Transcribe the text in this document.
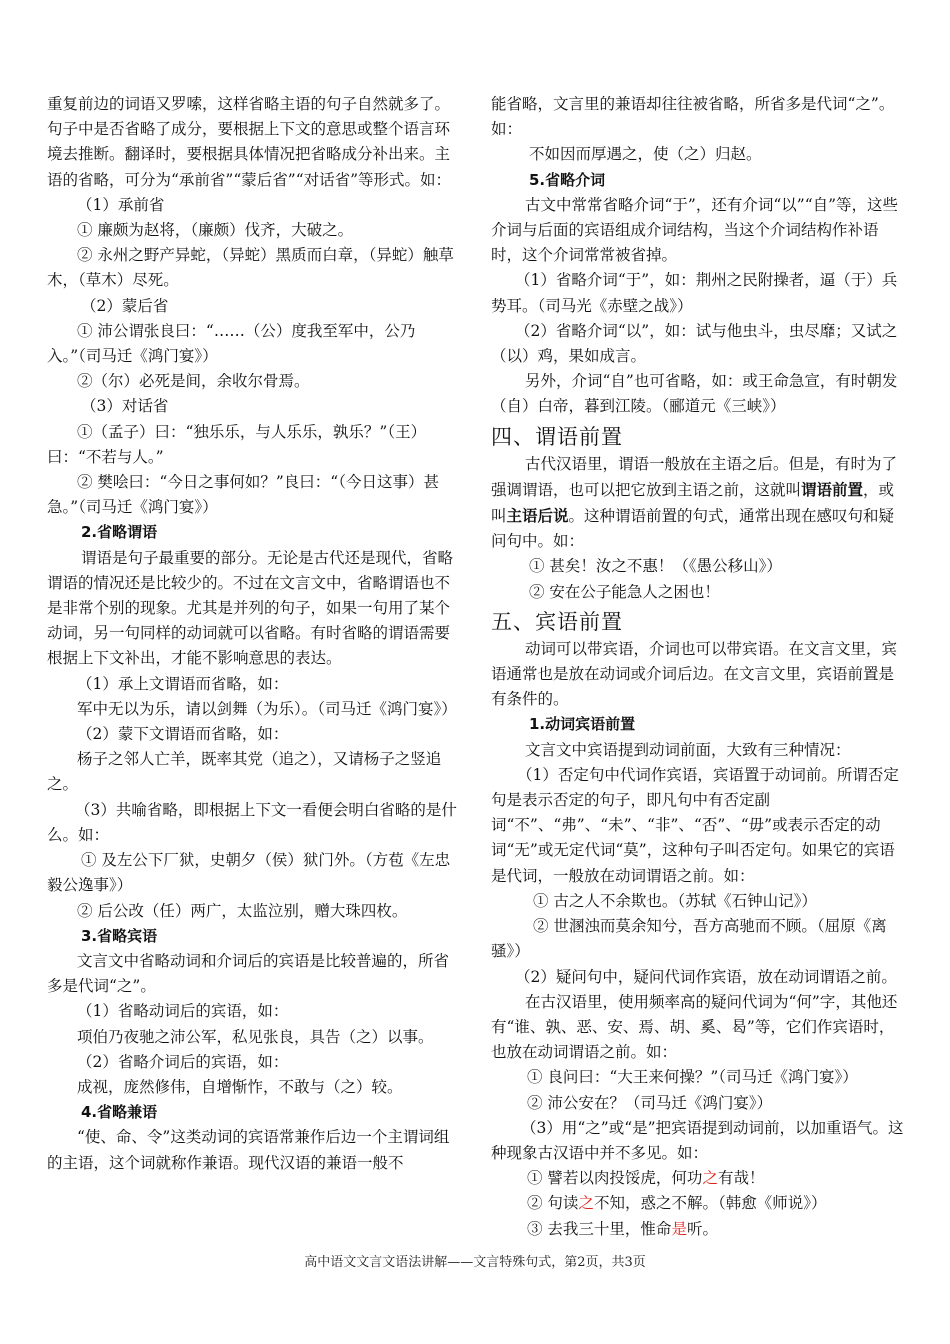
重复前边的词语又罗嗦，这样省略主语的句子自然就多了。句子中是否省略了成分，要根据上下文的意思或整个语言环境去推断。翻译时，要根据具体情况把省略成分补出来。主语的省略，可分为“承前省”“蒙后省”“对话省”等形式。如：

（1）承前省

① 廉颇为赵将，（廉颇）伐齐，大破之。

② 永州之野产异蛇，（异蛇）黑质而白章，（异蛇）触草木，（草木）尽死。

（2）蒙后省

① 沛公谓张良曰：“……（公）度我至军中，公乃入。”（司马迁《鸿门宴》）

②（尔）必死是间，余收尔骨焉。

（3）对话省

①（孟子）曰：“独乐乐，与人乐乐，孰乐？”（王）曰：“不若与人。”

② 樊哙曰：“今日之事何如？”良曰：“（今日这事）甚急。”（司马迁《鸿门宴》）

2.省略谓语

谓语是句子最重要的部分。无论是古代还是现代，省略谓语的情况还是比较少的。不过在文言文中，省略谓语也不是非常个别的现象。尤其是并列的句子，如果一句用了某个动词，另一句同样的动词就可以省略。有时省略的谓语需要根据上下文补出，才能不影响意思的表达。

（1）承上文谓语而省略，如：

军中无以为乐，请以剑舞（为乐）。（司马迁《鸿门宴》）

（2）蒙下文谓语而省略，如：

杨子之邻人亡羊，既率其党（追之），又请杨子之竖追之。

（3）共喻省略，即根据上下文一看便会明白省略的是什么。如：

① 及左公下厂狱，史朝夕（侯）狱门外。（方苞《左忠毅公逸事》）

② 后公改（任）两广，太监泣别，赠大珠四枚。

3.省略宾语

文言文中省略动词和介词后的宾语是比较普遍的，所省多是代词“之”。

（1）省略动词后的宾语，如：

项伯乃夜驰之沛公军，私见张良，具告（之）以事。

（2）省略介词后的宾语，如：

成视，庞然修伟，自增惭怍，不敢与（之）较。

4.省略兼语

“使、命、令”这类动词的宾语常兼作后边一个主谓词组的主语，这个词就称作兼语。现代汉语的兼语一般不

能省略，文言里的兼语却往往被省略，所省多是代词“之”。如：

不如因而厚遇之，使（之）归赵。

5.省略介词

古文中常常省略介词“于”，还有介词“以”“自”等，这些介词与后面的宾语组成介词结构，当这个介词结构作补语时，这个介词常常被省掉。

（1）省略介词“于”，如：荆州之民附操者，逼（于）兵势耳。（司马光《赤壁之战》）

（2）省略介词“以”，如：试与他虫斗，虫尽靡；又试之（以）鸡，果如成言。

另外，介词“自”也可省略，如：或王命急宣，有时朝发（自）白帝，暮到江陵。（郦道元《三峡》）

四、谓语前置

古代汉语里，谓语一般放在主语之后。但是，有时为了强调谓语，也可以把它放到主语之前，这就叫谓语前置，或叫主语后说。这种谓语前置的句式，通常出现在感叹句和疑问句中。如：

① 甚矣！汝之不惠！（《愚公移山》）

② 安在公子能急人之困也！

五、宾语前置

动词可以带宾语，介词也可以带宾语。在文言文里，宾语通常也是放在动词或介词后边。在文言文里，宾语前置是有条件的。

1.动词宾语前置

文言文中宾语提到动词前面，大致有三种情况：

（1）否定句中代词作宾语，宾语置于动词前。所谓否定句是表示否定的句子，即凡句中有否定副词“不”、“弗”、“未”、“非”、“否”、“毋”或表示否定的动词“无”或无定代词“莫”，这种句子叫否定句。如果它的宾语是代词，一般放在动词谓语之前。如：

① 古之人不余欺也。（苏轼《石钟山记》）

② 世溷浊而莫余知兮，吾方高驰而不顾。（屈原《离骚》）

（2）疑问句中，疑问代词作宾语，放在动词谓语之前。

在古汉语里，使用频率高的疑问代词为“何”字，其他还有“谁、孰、恶、安、焉、胡、奚、曷”等，它们作宾语时，也放在动词谓语之前。如：

① 良问曰：“大王来何操？”（司马迁《鸿门宴》）

② 沛公安在？（司马迁《鸿门宴》）

（3）用“之”或“是”把宾语提到动词前，以加重语气。这种现象古汉语中并不多见。如：

① 譬若以肉投馁虎，何功之有哉！

② 句读之不知，惑之不解。（韩愈《师说》）

③ 去我三十里，惟命是听。

高中语文文言文语法讲解——文言特殊句式，第2页，共3页
